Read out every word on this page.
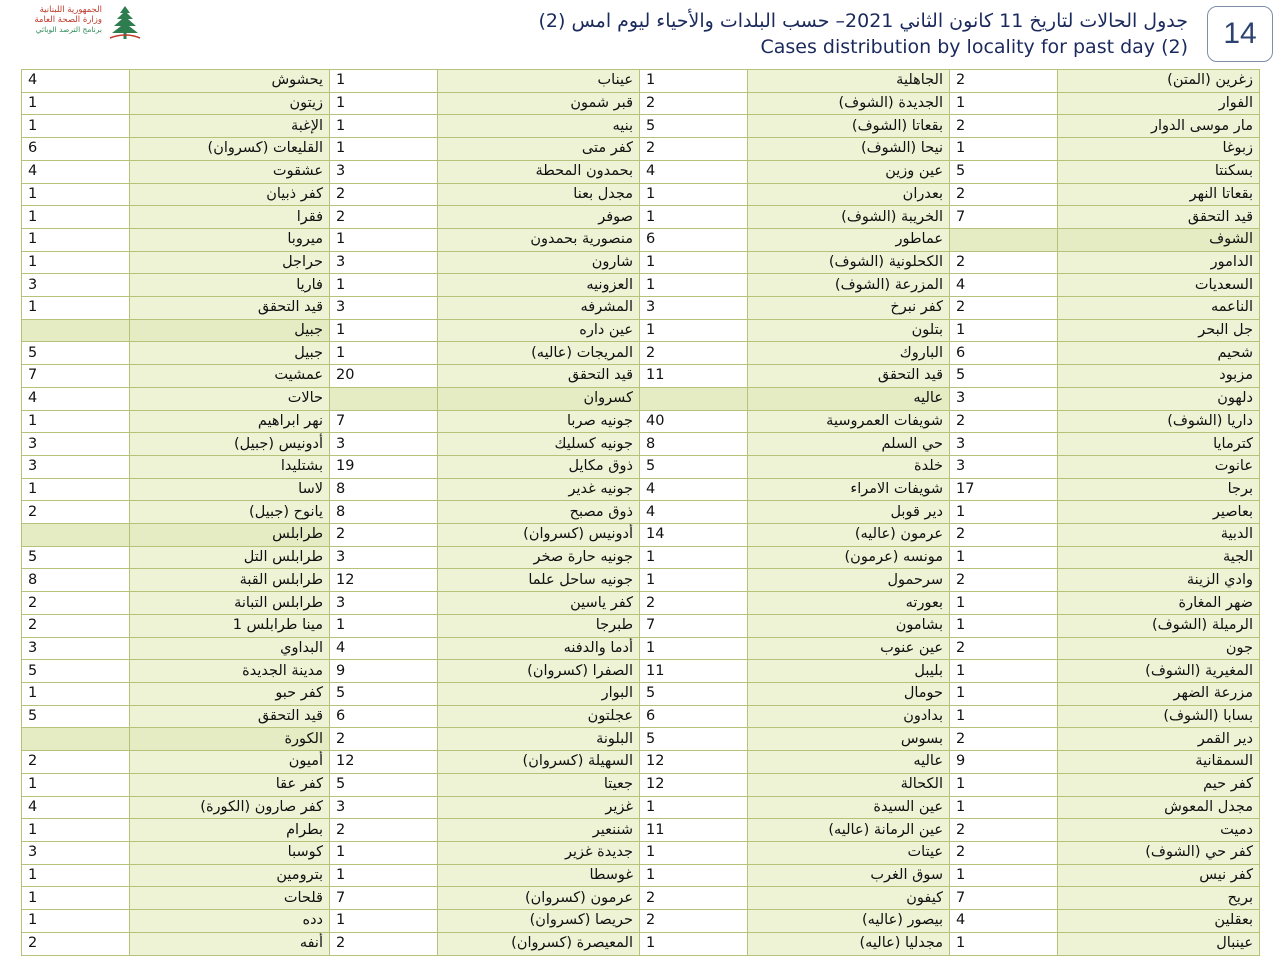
الجمهورية اللبنانية
وزارة الصحة العامة
برنامج الترصد الوبائي	جدول الحالات لتاريخ 11 كانون الثاني 2021– حسب البلدات والأحياء ليوم امس (2)
Cases distribution by locality for past day (2)	14
4	يحشوش	1	عيناب	1	الجاهلية	2	زغرين (المتن)
1	زيتون	1	قبر شمون	2	الجديدة (الشوف)	1	الفوار
1	الإغبة	1	بنيه	5	بقعاتا (الشوف)	2	مار موسى الدوار
6	القليعات (كسروان)	1	كفر متى	2	نيحا (الشوف)	1	زبوغا
4	عشقوت	3	بحمدون المحطة	4	عين وزين	5	بسكنتا
1	كفر ذبيان	2	مجدل بعنا	1	بعدران	2	بقعاتا النهر
1	فقرا	2	صوفر	1	الخريبة (الشوف)	7	قيد التحقق
1	ميروبا	1	منصورية بحمدون	6	عماطور		الشوف
1	حراجل	3	شارون	1	الكحلونية (الشوف)	2	الدامور
3	فاريا	1	العزونيه	1	المزرعة (الشوف)	4	السعديات
1	قيد التحقق	3	المشرفه	3	كفر نبرخ	2	الناعمه
	جبيل	1	عين داره	1	بتلون	1	جل البحر
5	جبيل	1	المريجات (عاليه)	2	الباروك	6	شحيم
7	عمشيت	20	قيد التحقق	11	قيد التحقق	5	مزبود
4	حالات		كسروان		عاليه	3	دلهون
1	نهر ابراهيم	7	جونيه صربا	40	شويفات العمروسية	2	داريا (الشوف)
3	أدونيس (جبيل)	3	جونيه كسليك	8	حي السلم	3	كترمايا
3	بشتليدا	19	ذوق مكايل	5	خلدة	3	عانوت
1	لاسا	8	جونيه غدير	4	شويفات الامراء	17	برجا
2	يانوح (جبيل)	8	ذوق مصبح	4	دير قوبل	1	بعاصير
	طرابلس	2	أدونيس (كسروان)	14	عرمون (عاليه)	2	الدبية
5	طرابلس التل	3	جونيه حارة صخر	1	مونسه (عرمون)	1	الجية
8	طرابلس القبة	12	جونيه ساحل علما	1	سرحمول	2	وادي الزينة
2	طرابلس التبانة	3	كفر ياسين	2	بعورته	1	ضهر المغارة
2	مينا طرابلس 1	1	طبرجا	7	بشامون	1	الرميلة (الشوف)
3	البداوي	4	أدما والدفنه	1	عين عنوب	2	جون
5	مدينة الجديدة	9	الصفرا (كسروان)	11	بليبل	1	المغيرية (الشوف)
1	كفر حبو	5	البوار	5	حومال	1	مزرعة الضهر
5	قيد التحقق	6	عجلتون	6	بدادون	1	بسابا (الشوف)
	الكورة	2	البلونة	5	بسوس	2	دير القمر
2	أميون	12	السهيلة (كسروان)	12	عاليه	9	السمقانية
1	كفر عقا	5	جعيتا	12	الكحالة	1	كفر حيم
4	كفر صارون (الكورة)	3	غزير	1	عين السيدة	1	مجدل المعوش
1	بطرام	2	شننعير	11	عين الرمانة (عاليه)	2	دميت
3	كوسبا	1	جديدة غزير	1	عيتات	2	كفر حي (الشوف)
1	بترومين	1	غوسطا	1	سوق الغرب	1	كفر نيس
1	قلحات	7	عرمون (كسروان)	2	كيفون	7	بريح
1	دده	1	حريصا (كسروان)	2	بيصور (عاليه)	4	بعقلين
2	أنفه	2	المعيصرة (كسروان)	1	مجدليا (عاليه)	1	عينبال
